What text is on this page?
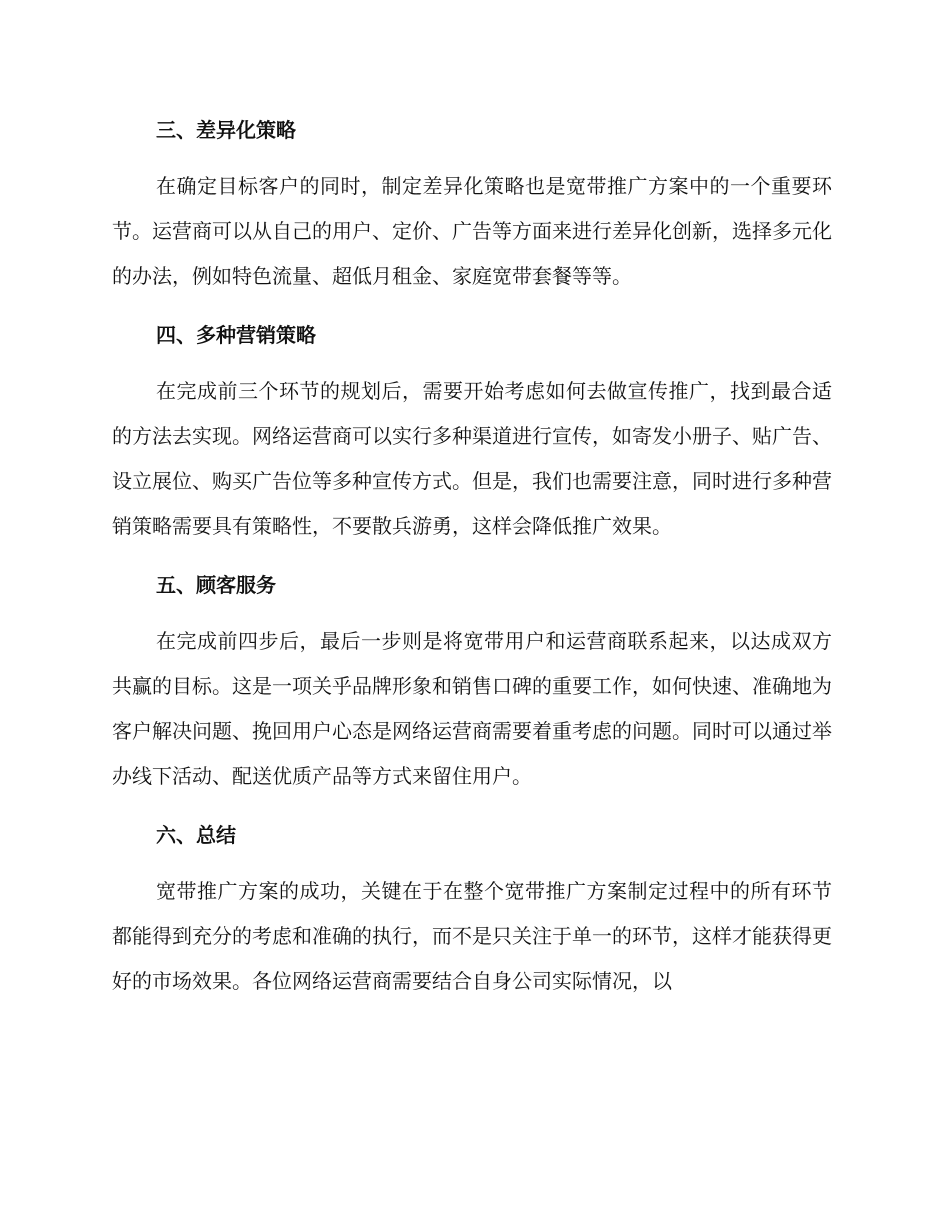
三、差异化策略

在确定目标客户的同时，制定差异化策略也是宽带推广方案中的一个重要环节。运营商可以从自己的用户、定价、广告等方面来进行差异化创新，选择多元化的办法，例如特色流量、超低月租金、家庭宽带套餐等等。

四、多种营销策略

在完成前三个环节的规划后，需要开始考虑如何去做宣传推广，找到最合适的方法去实现。网络运营商可以实行多种渠道进行宣传，如寄发小册子、贴广告、设立展位、购买广告位等多种宣传方式。但是，我们也需要注意，同时进行多种营销策略需要具有策略性，不要散兵游勇，这样会降低推广效果。

五、顾客服务

在完成前四步后，最后一步则是将宽带用户和运营商联系起来，以达成双方共赢的目标。这是一项关乎品牌形象和销售口碑的重要工作，如何快速、准确地为客户解决问题、挽回用户心态是网络运营商需要着重考虑的问题。同时可以通过举办线下活动、配送优质产品等方式来留住用户。

六、总结

宽带推广方案的成功，关键在于在整个宽带推广方案制定过程中的所有环节都能得到充分的考虑和准确的执行，而不是只关注于单一的环节，这样才能获得更好的市场效果。各位网络运营商需要结合自身公司实际情况，以
